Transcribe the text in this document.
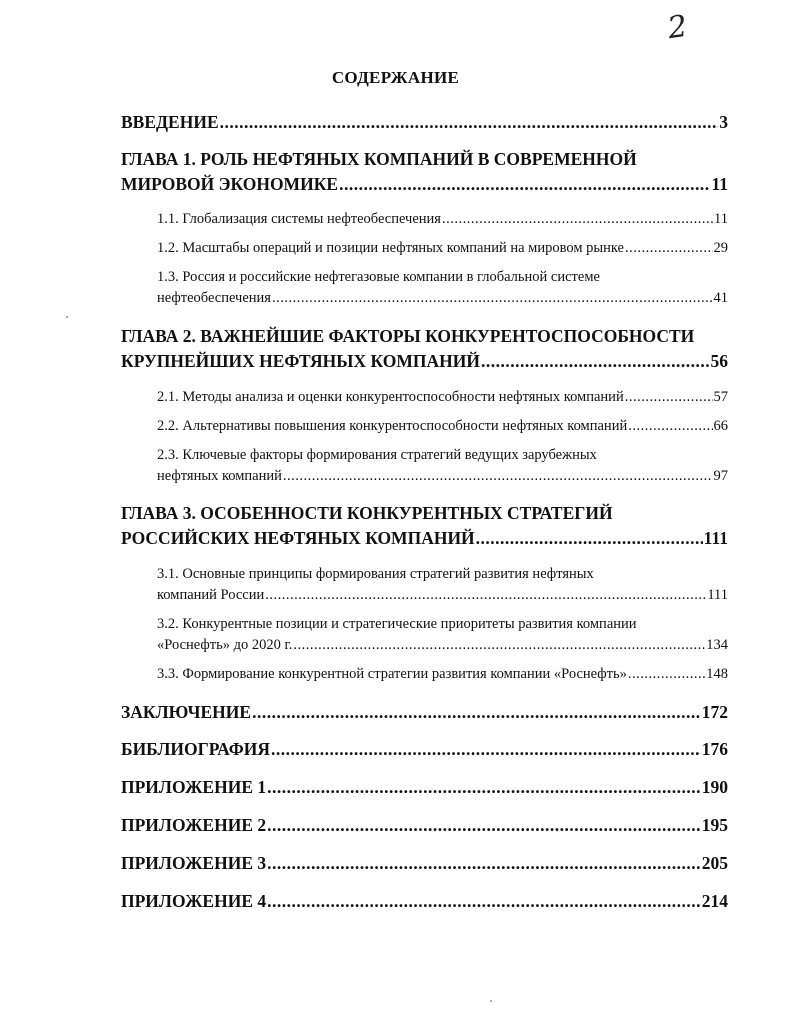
2
СОДЕРЖАНИЕ
ВВЕДЕНИЕ .....	3
ГЛАВА 1. РОЛЬ НЕФТЯНЫХ КОМПАНИЙ В СОВРЕМЕННОЙ
МИРОВОЙ ЭКОНОМИКЕ .....	11
1.1. Глобализация системы нефтеобеспечения .....	11
1.2. Масштабы операций и позиции нефтяных компаний на мировом рынке .....	29
1.3. Россия и российские нефтегазовые компании в глобальной системе
нефтеобеспечения .....	41
ГЛАВА 2. ВАЖНЕЙШИЕ ФАКТОРЫ КОНКУРЕНТОСПОСОБНОСТИ
КРУПНЕЙШИХ НЕФТЯНЫХ КОМПАНИЙ .....	56
2.1. Методы анализа и оценки конкурентоспособности нефтяных компаний .....	57
2.2. Альтернативы повышения конкурентоспособности нефтяных компаний .....	66
2.3. Ключевые факторы формирования стратегий ведущих зарубежных
нефтяных компаний .....	97
ГЛАВА 3. ОСОБЕННОСТИ КОНКУРЕНТНЫХ СТРАТЕГИЙ
РОССИЙСКИХ НЕФТЯНЫХ КОМПАНИЙ .....	111
3.1. Основные принципы формирования стратегий развития нефтяных
компаний России .....	111
3.2. Конкурентные позиции и стратегические приоритеты развития компании
«Роснефть» до 2020 г. .....	134
3.3. Формирование конкурентной стратегии развития компании «Роснефть» .....	148
ЗАКЛЮЧЕНИЕ .....	172
БИБЛИОГРАФИЯ .....	176
ПРИЛОЖЕНИЕ 1 .....	190
ПРИЛОЖЕНИЕ 2 .....	195
ПРИЛОЖЕНИЕ 3 .....	205
ПРИЛОЖЕНИЕ 4 .....	214
